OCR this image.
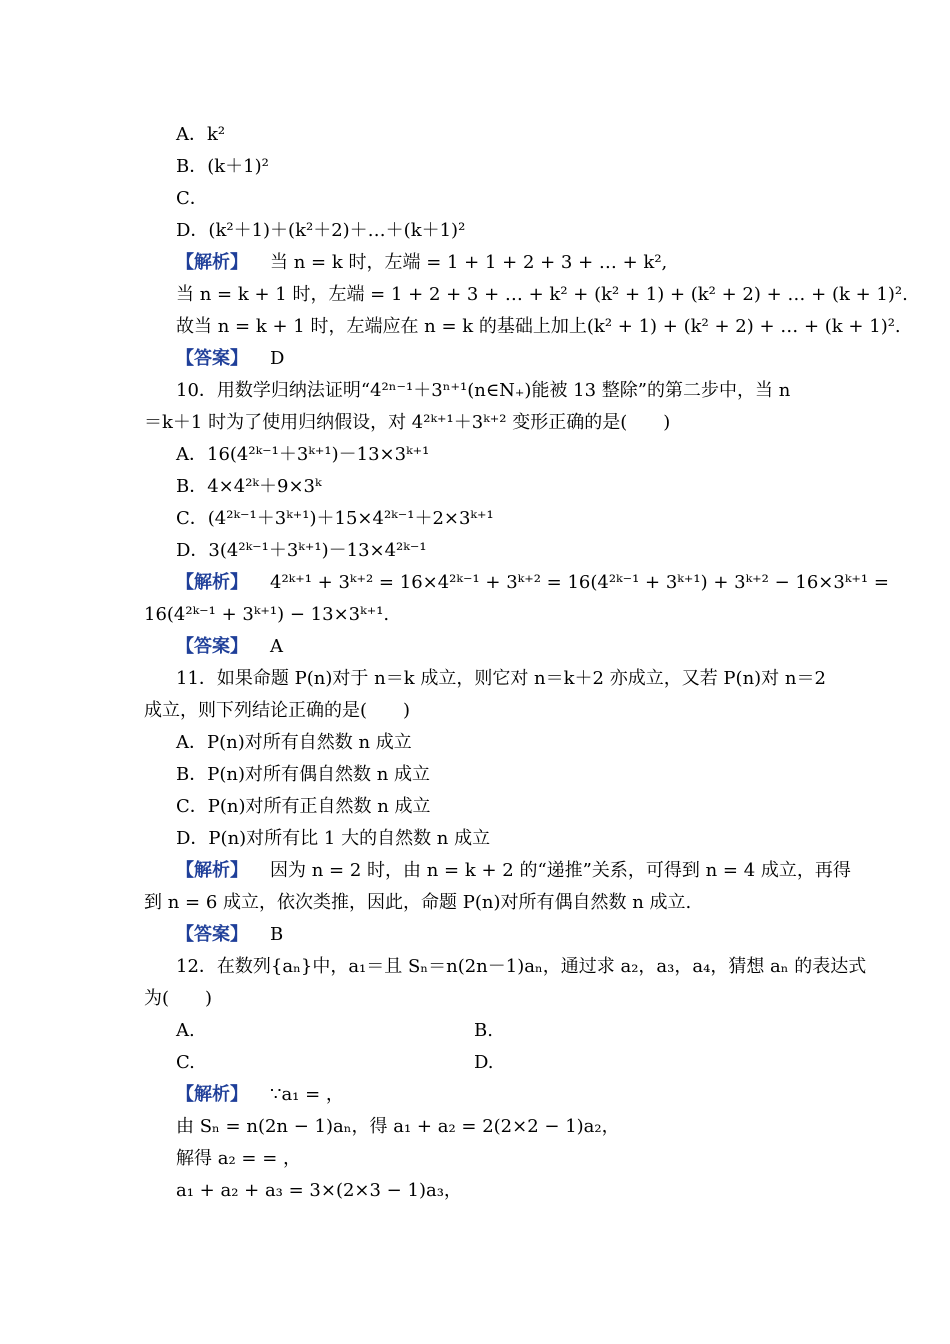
A．k²
B．(k＋1)²
C．
D．(k²＋1)＋(k²＋2)＋…＋(k＋1)²
【解析】 当 n = k 时，左端 = 1 + 1 + 2 + 3 + … + k²,
当 n = k + 1 时，左端 = 1 + 2 + 3 + … + k² + (k² + 1) + (k² + 2) + … + (k + 1)².
故当 n = k + 1 时，左端应在 n = k 的基础上加上(k² + 1) + (k² + 2) + … + (k + 1)².
【答案】 D
10．用数学归纳法证明“4²ⁿ⁻¹＋3ⁿ⁺¹(n∈N₊)能被 13 整除”的第二步中，当 n
＝k＋1 时为了使用归纳假设，对 4²ᵏ⁺¹＋3ᵏ⁺² 变形正确的是(　　)
A．16(4²ᵏ⁻¹＋3ᵏ⁺¹)－13×3ᵏ⁺¹
B．4×4²ᵏ＋9×3ᵏ
C．(4²ᵏ⁻¹＋3ᵏ⁺¹)＋15×4²ᵏ⁻¹＋2×3ᵏ⁺¹
D．3(4²ᵏ⁻¹＋3ᵏ⁺¹)－13×4²ᵏ⁻¹
【解析】 4²ᵏ⁺¹ + 3ᵏ⁺² = 16×4²ᵏ⁻¹ + 3ᵏ⁺² = 16(4²ᵏ⁻¹ + 3ᵏ⁺¹) + 3ᵏ⁺² − 16×3ᵏ⁺¹ =
16(4²ᵏ⁻¹ + 3ᵏ⁺¹) − 13×3ᵏ⁺¹.
【答案】 A
11．如果命题 P(n)对于 n＝k 成立，则它对 n＝k＋2 亦成立，又若 P(n)对 n＝2
成立，则下列结论正确的是(　　)
A．P(n)对所有自然数 n 成立
B．P(n)对所有偶自然数 n 成立
C．P(n)对所有正自然数 n 成立
D．P(n)对所有比 1 大的自然数 n 成立
【解析】 因为 n = 2 时，由 n = k + 2 的“递推”关系，可得到 n = 4 成立，再得
到 n = 6 成立，依次类推，因此，命题 P(n)对所有偶自然数 n 成立.
【答案】 B
12．在数列{aₙ}中，a₁＝且 Sₙ＝n(2n－1)aₙ，通过求 a₂，a₃，a₄，猜想 aₙ 的表达式
为(　　)
A.	B.
C.	D.
【解析】 ∵a₁ = ，
由 Sₙ = n(2n − 1)aₙ，得 a₁ + a₂ = 2(2×2 − 1)a₂，
解得 a₂ = = ，
a₁ + a₂ + a₃ = 3×(2×3 − 1)a₃，
